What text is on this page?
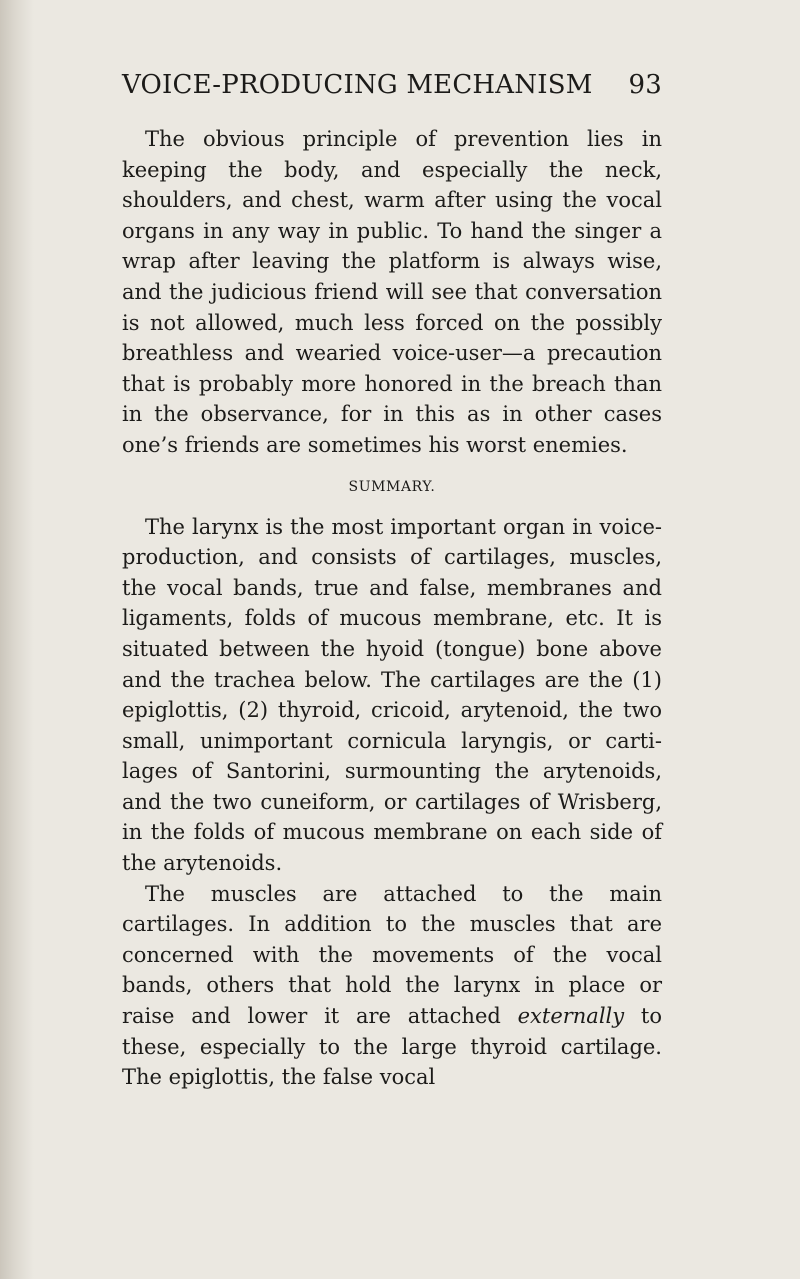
VOICE-PRODUCING MECHANISM 93

The obvious principle of prevention lies in keeping the body, and especially the neck, shoulders, and chest, warm after using the vocal organs in any way in public. To hand the singer a wrap after leaving the platform is always wise, and the judicious friend will see that conversation is not allowed, much less forced on the possibly breathless and wearied voice-user—a precaution that is probably more honored in the breach than in the observance, for in this as in other cases one’s friends are sometimes his worst enemies.

SUMMARY.

The larynx is the most important organ in voice-production, and consists of cartilages, muscles, the vocal bands, true and false, membranes and ligaments, folds of mucous membrane, etc. It is situated between the hyoid (tongue) bone above and the trachea below. The cartilages are the (1) epiglottis, (2) thyroid, cricoid, arytenoid, the two small, unimportant cornicula laryngis, or cartilages of Santorini, surmounting the arytenoids, and the two cuneiform, or cartilages of Wrisberg, in the folds of mucous membrane on each side of the arytenoids.

The muscles are attached to the main cartilages. In addition to the muscles that are concerned with the movements of the vocal bands, others that hold the larynx in place or raise and lower it are attached externally to these, especially to the large thyroid cartilage. The epiglottis, the false vocal
